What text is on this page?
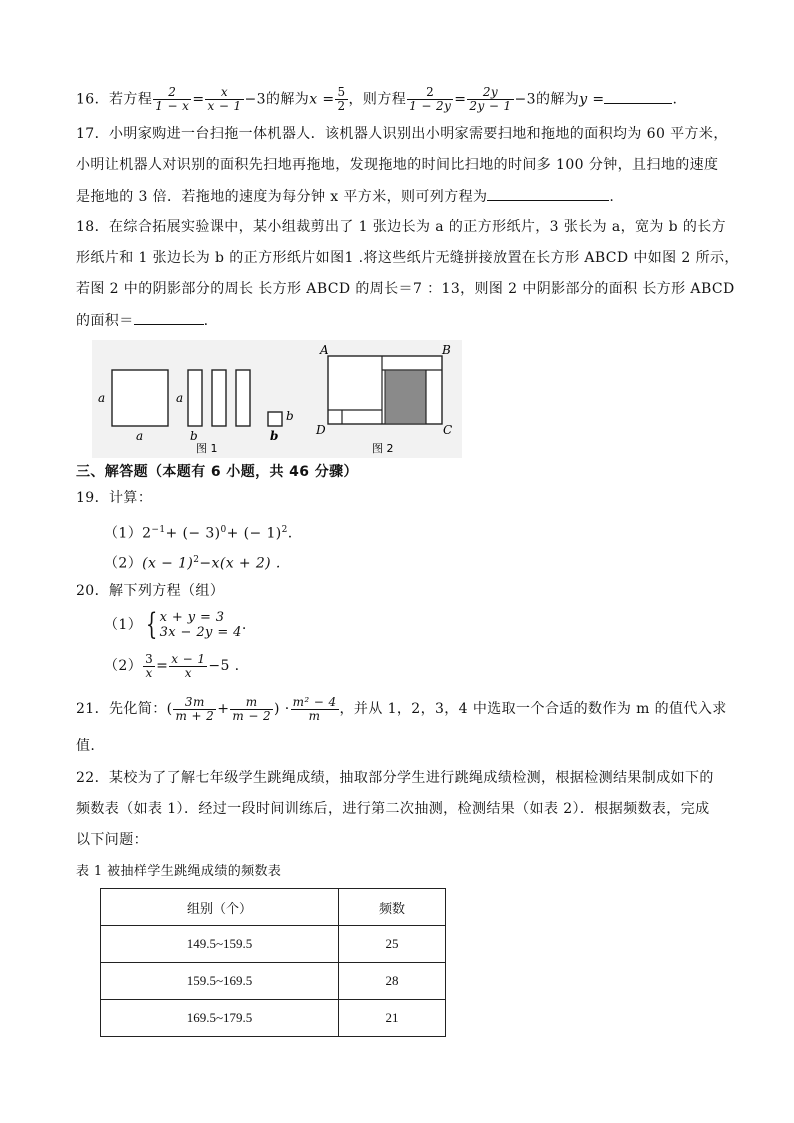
16．若方程 $\frac{2}{1 - x} = \frac{x}{x - 1} -3$的解为$x = \frac{5}{2}$ ，则方程 $\frac{2}{1 - 2y} = \frac{2y}{2y - 1} -3$的解为y =	.
17．小明家购进一台扫拖一体机器人．该机器人识别出小明家需要扫地和拖地的面积均为 60 平方米，
小明让机器人对识别的面积先扫地再拖地，发现拖地的时间比扫地的时间多 100 分钟，且扫地的速度
是拖地的 3 倍．若拖地的速度为每分钟 x 平方米，则可列方程为	.
18．在综合拓展实验课中，某小组裁剪出了 1 张边长为 a 的正方形纸片，3 张长为 a，宽为 b 的长方
形纸片和 1 张边长为 b 的正方形纸片如图1 .将这些纸片无缝拼接放置在长方形 ABCD 中如图 2 所示，
若图 2 中的阴影部分的周长 长方形 ABCD 的周长＝7 ：13，则图 2 中阴影部分的面积 长方形 ABCD
的面积＝	.
a
a
a
b
b
b
图 1
A	B
C
D
图 2
三、解答题（本题有 6 小题，共 46 分骤）
19．计算：
$(1)2^{-1}+$ (− 3)$^0$+ (− 1)$^2$.
$(2)(x - 1)^2-x(x + 2)$ .
20．解下列方程（组）
（1） { x + y = 3
3x − 2y = 4 .
$(2) \frac{3}{x} = \frac{x - 1}{x} -5$ .
21．先化简：( $\frac{3m}{m + 2} + \frac{m}{m - 2}$ ) · $\frac{\text{m² − 4}}{m}$ ，并从 1，2，3，4 中选取一个合适的数作为 m 的值代入求
值.
22．某校为了了解七年级学生跳绳成绩，抽取部分学生进行跳绳成绩检测，根据检测结果制成如下的
频数表（如表 1）．经过一段时间训练后，进行第二次抽测，检测结果（如表 2）．根据频数表，完成
以下问题：
表 1 被抽样学生跳绳成绩的频数表
组别（个）	频数
149.5~159.5	25
159.5~169.5	28
169.5~179.5	21
